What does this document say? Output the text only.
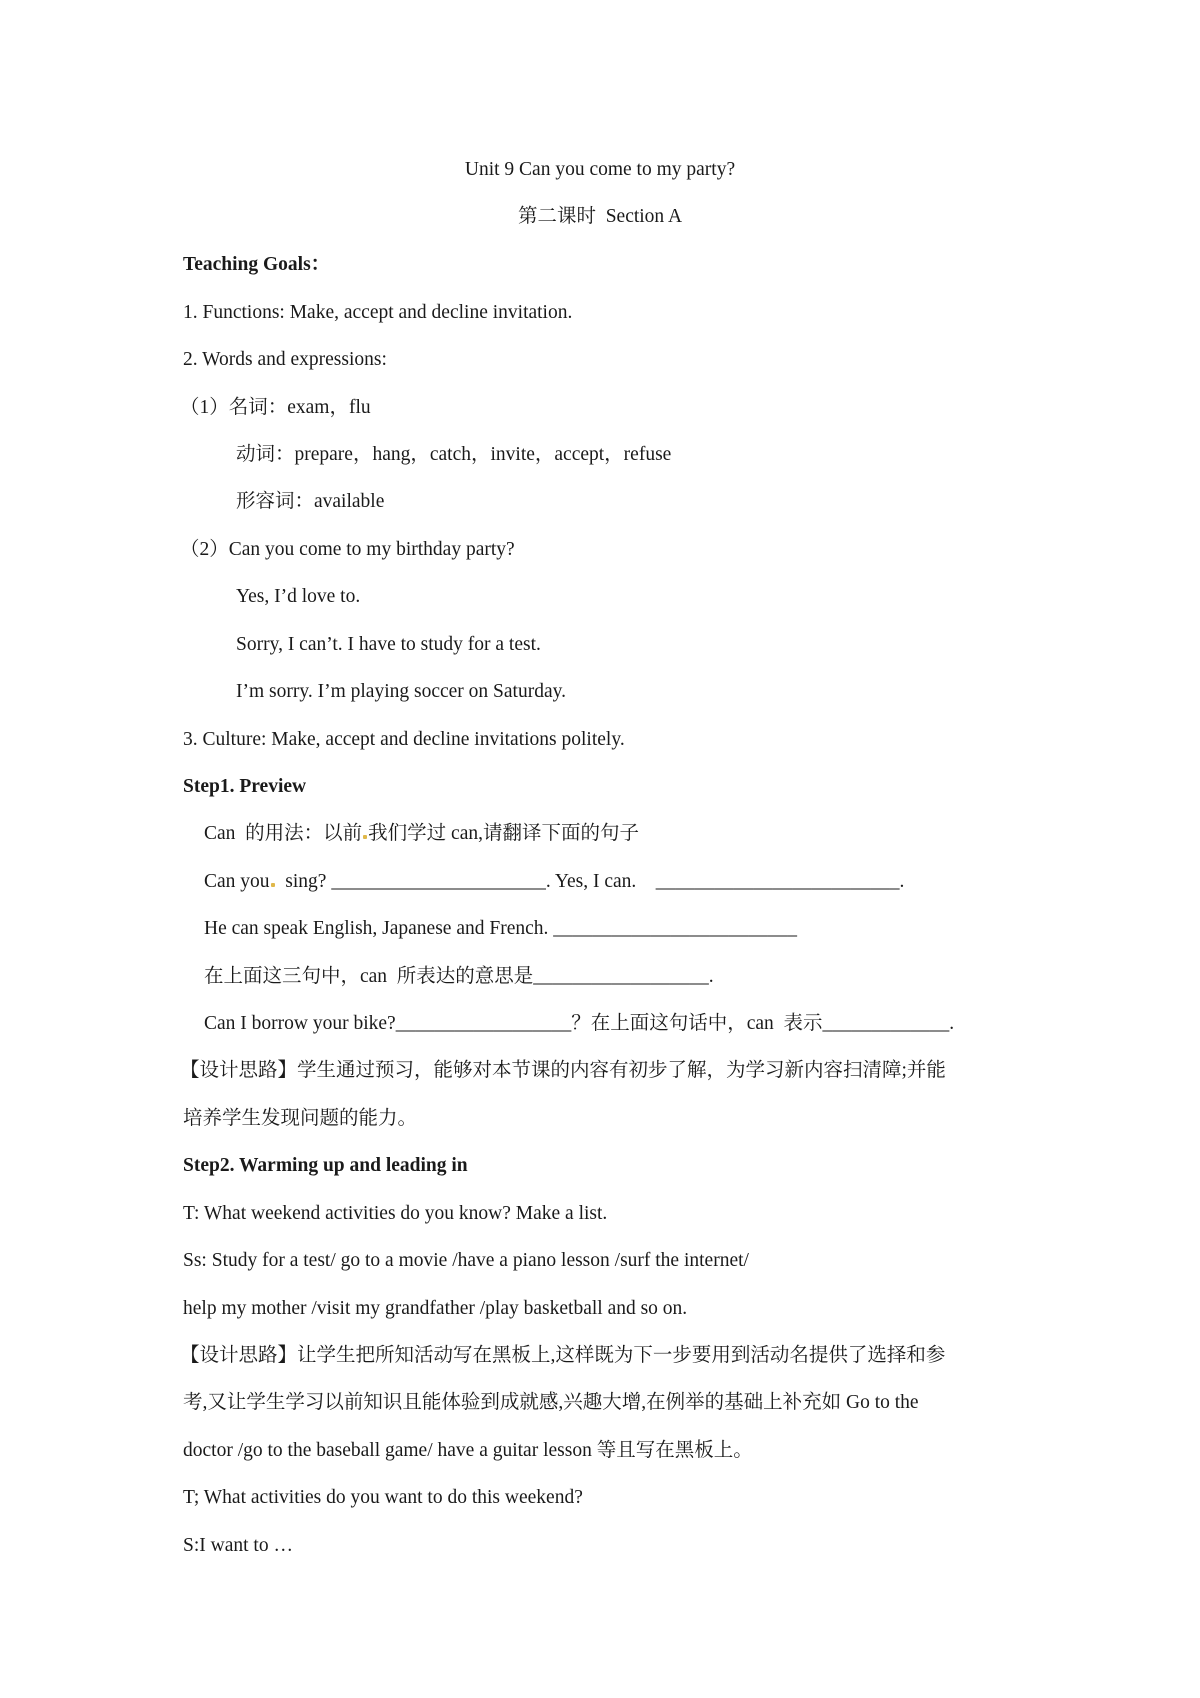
Unit 9 Can you come to my party?
第二课时  Section A
Teaching Goals：
1. Functions: Make, accept and decline invitation.
2. Words and expressions:
（1）名词：exam，flu
动词：prepare，hang，catch，invite，accept，refuse
形容词：available
（2）Can you come to my birthday party?
Yes, I’d love to.
Sorry, I can’t. I have to study for a test.
I’m sorry. I’m playing soccer on Saturday.
3. Culture: Make, accept and decline invitations politely.
Step1. Preview
Can  的用法：以前 我们学过 can,请翻译下面的句子
Can you  sing? ______________________. Yes, I can.    _________________________.
He can speak English, Japanese and French. _________________________
在上面这三句中，can  所表达的意思是__________________.
Can I borrow your bike?__________________？在上面这句话中，can  表示_____________.
【设计思路】学生通过预习，能够对本节课的内容有初步了解，为学习新内容扫清障;并能
培养学生发现问题的能力。
Step2. Warming up and leading in
T: What weekend activities do you know? Make a list.
Ss: Study for a test/ go to a movie /have a piano lesson /surf the internet/
help my mother /visit my grandfather /play basketball and so on.
【设计思路】让学生把所知活动写在黑板上,这样既为下一步要用到活动名提供了选择和参
考,又让学生学习以前知识且能体验到成就感,兴趣大增,在例举的基础上补充如 Go to the
doctor /go to the baseball game/ have a guitar lesson 等且写在黑板上。
T; What activities do you want to do this weekend?
S:I want to …
